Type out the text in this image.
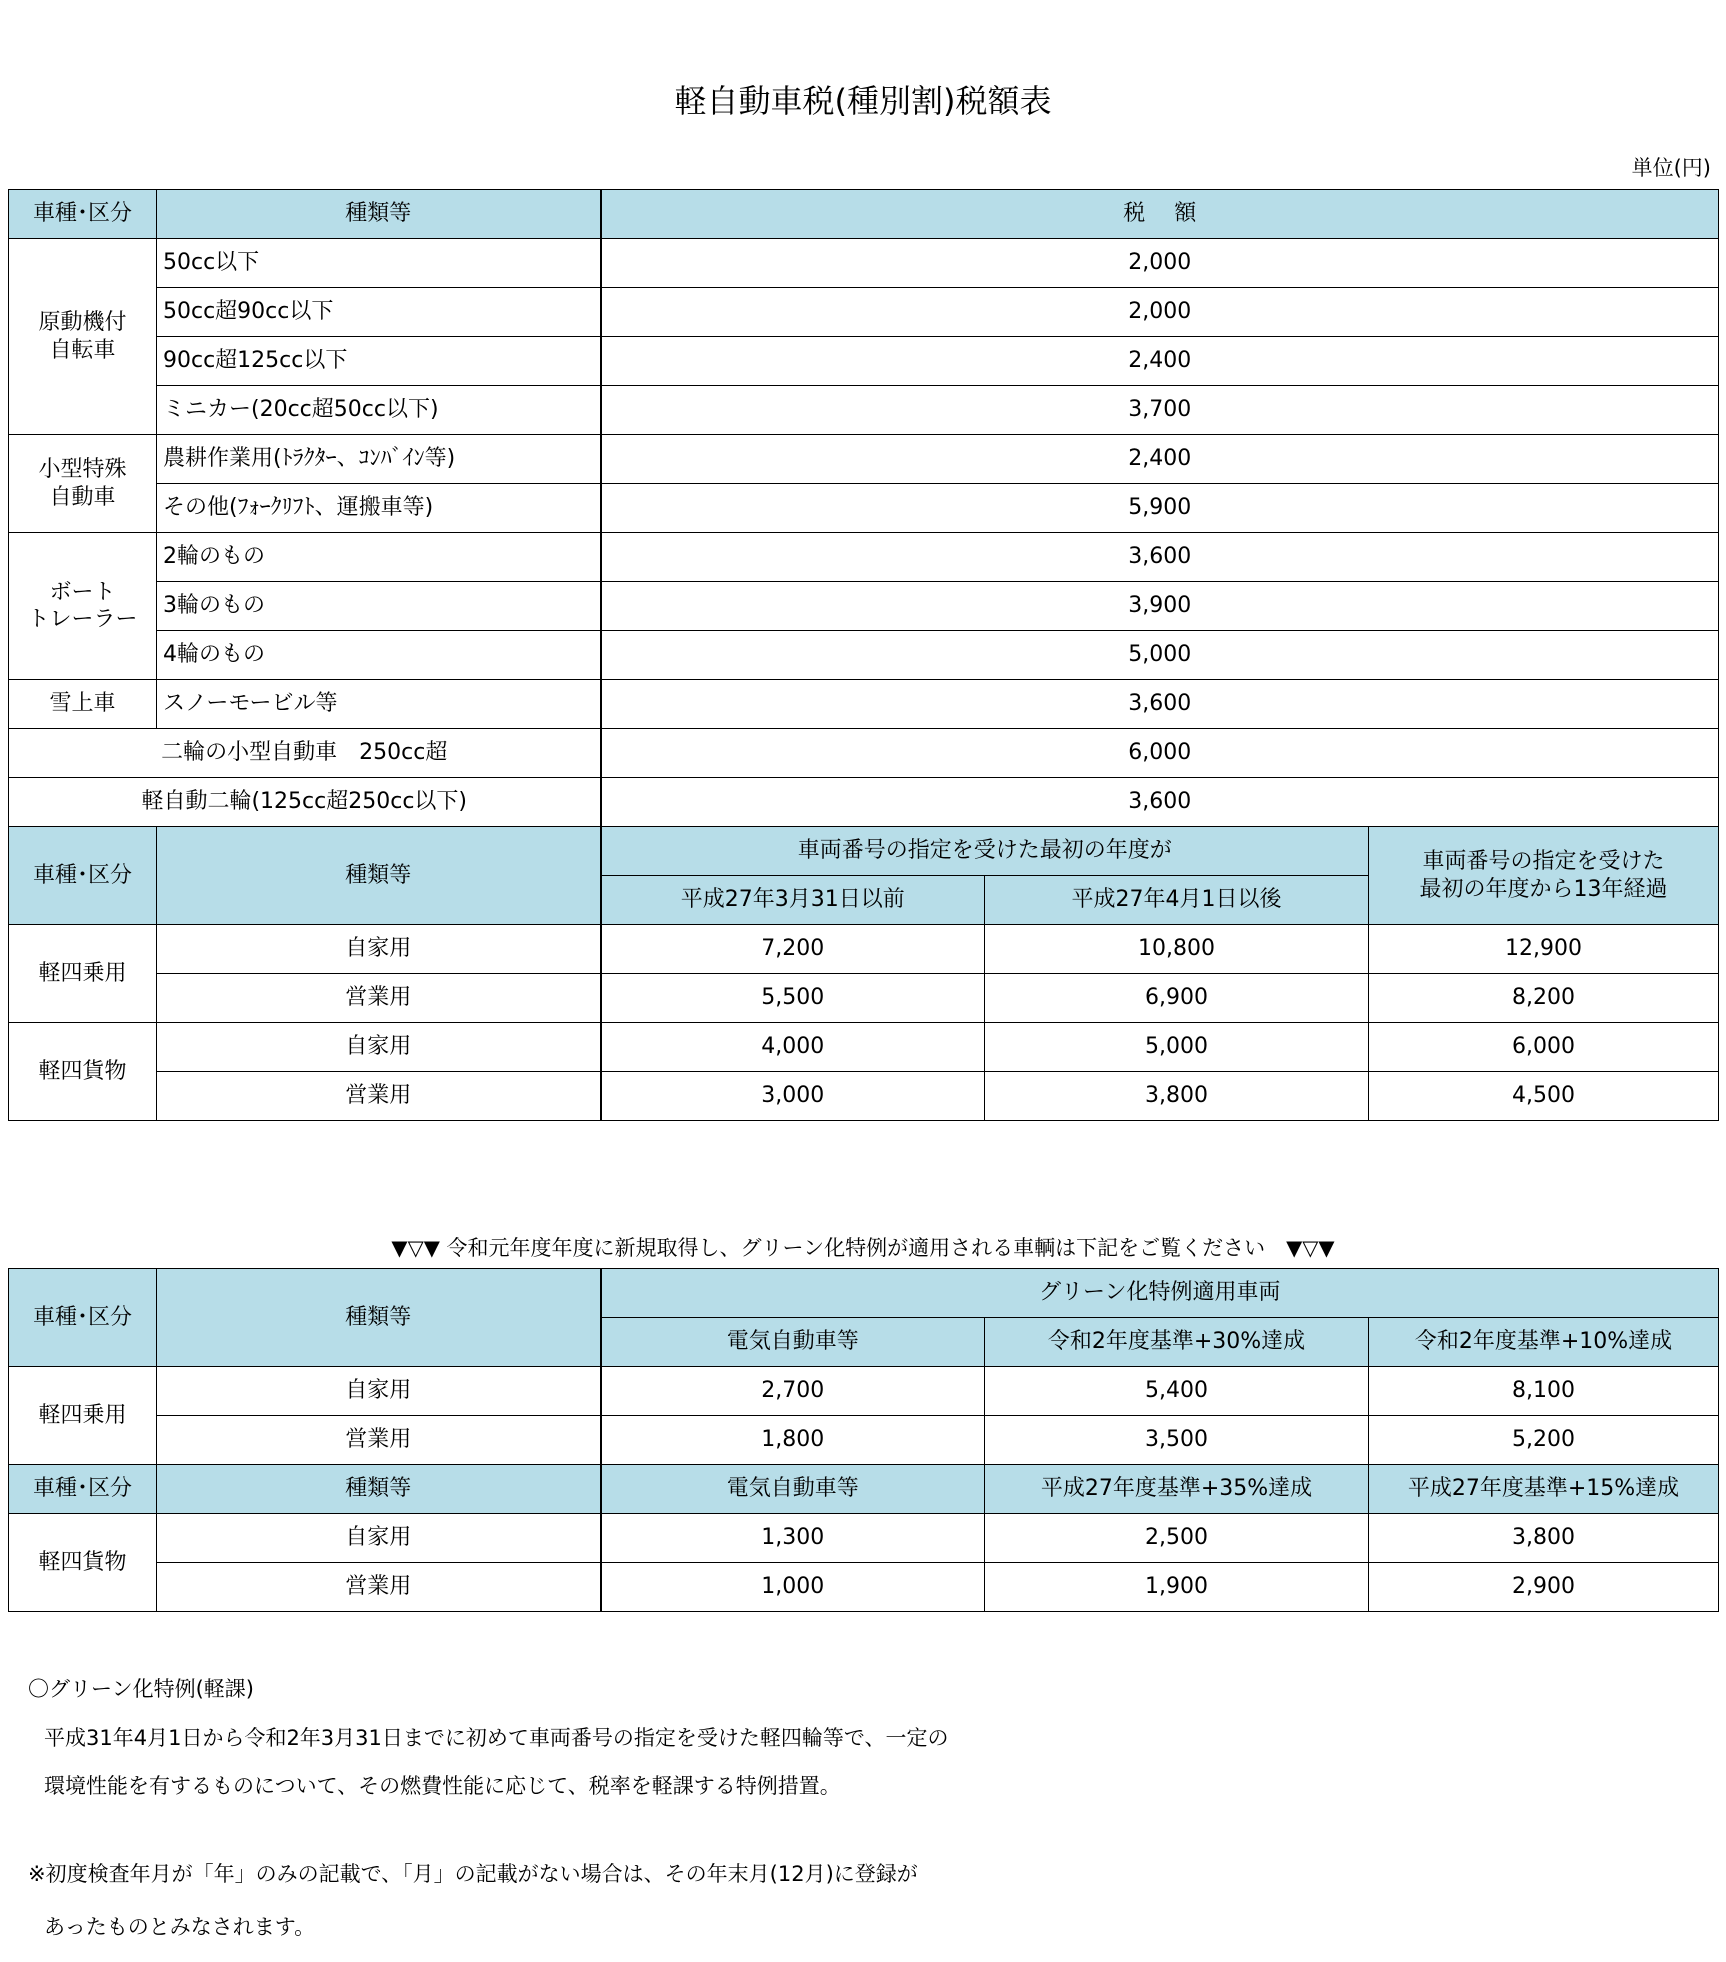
軽自動車税(種別割)税額表
単位(円)
車種･区分	種類等	税　 額		
原動機付
自転車	50cc以下	2,000		
	50cc超90cc以下	2,000		
	90cc超125cc以下	2,400		
	ミニカー(20cc超50cc以下)	3,700		
小型特殊
自動車	農耕作業用(ﾄﾗｸﾀｰ、ｺﾝﾊﾞｲﾝ等)	2,400		
	その他(ﾌｫｰｸﾘﾌﾄ、運搬車等)	5,900		
ボート
トレーラー	2輪のもの	3,600		
	3輪のもの	3,900		
	4輪のもの	5,000		
雪上車	スノーモービル等	3,600		
二輪の小型自動車　250cc超		6,000		
軽自動二輪(125cc超250cc以下)		3,600		
車種･区分	種類等	車両番号の指定を受けた最初の年度が		車両番号の指定を受けた
最初の年度から13年経過
		平成27年3月31日以前	平成27年4月1日以後	
軽四乗用	自家用	7,200	10,800	12,900
	営業用	5,500	6,900	8,200
軽四貨物	自家用	4,000	5,000	6,000
	営業用	3,000	3,800	4,500
▼▽▼ 令和元年度年度に新規取得し、グリーン化特例が適用される車輌は下記をご覧ください　▼▽▼
車種･区分	種類等	グリーン化特例適用車両		
		電気自動車等	令和2年度基準+30%達成	令和2年度基準+10%達成
軽四乗用	自家用	2,700	5,400	8,100
	営業用	1,800	3,500	5,200
車種･区分	種類等	電気自動車等	平成27年度基準+35%達成	平成27年度基準+15%達成
軽四貨物	自家用	1,300	2,500	3,800
	営業用	1,000	1,900	2,900
〇グリーン化特例(軽課)
平成31年4月1日から令和2年3月31日までに初めて車両番号の指定を受けた軽四輪等で、一定の
環境性能を有するものについて、その燃費性能に応じて、税率を軽課する特例措置。
※初度検査年月が「年」のみの記載で、「月」の記載がない場合は、その年末月(12月)に登録が
あったものとみなされます。
